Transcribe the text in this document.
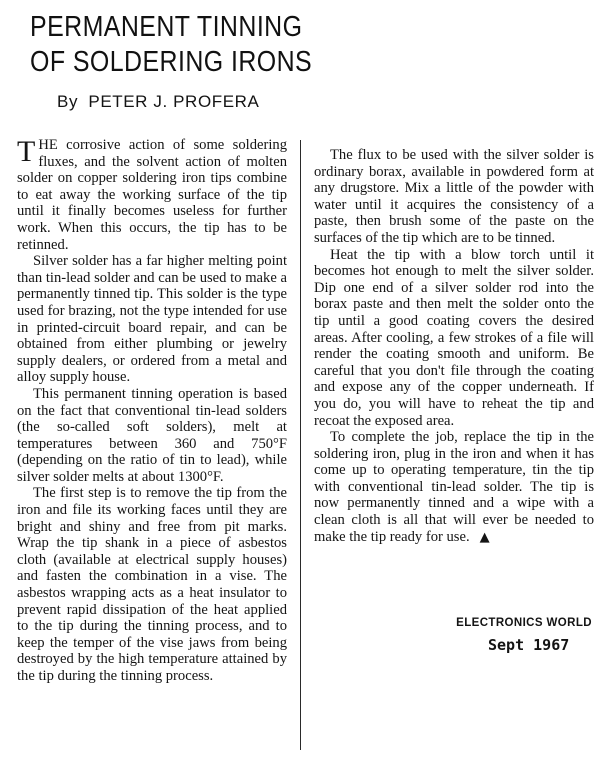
PERMANENT TINNING
OF SOLDERING IRONS
By PETER J. PROFERA

THE corrosive action of some soldering fluxes, and the solvent action of molten solder on copper soldering iron tips combine to eat away the working surface of the tip until it finally becomes useless for further work. When this occurs, the tip has to be retinned.

Silver solder has a far higher melting point than tin-lead solder and can be used to make a permanently tinned tip. This solder is the type used for brazing, not the type intended for use in printed-circuit board repair, and can be obtained from either plumbing or jewelry supply dealers, or ordered from a metal and alloy supply house.

This permanent tinning operation is based on the fact that conventional tin-lead solders (the so-called soft solders), melt at temperatures between 360 and 750°F (depending on the ratio of tin to lead), while silver solder melts at about 1300°F.

The first step is to remove the tip from the iron and file its working faces until they are bright and shiny and free from pit marks. Wrap the tip shank in a piece of asbestos cloth (available at electrical supply houses) and fasten the combination in a vise. The asbestos wrapping acts as a heat insulator to prevent rapid dissipation of the heat applied to the tip during the tinning process, and to keep the temper of the vise jaws from being destroyed by the high temperature attained by the tip during the tinning process.

The flux to be used with the silver solder is ordinary borax, available in powdered form at any drugstore. Mix a little of the powder with water until it acquires the consistency of a paste, then brush some of the paste on the surfaces of the tip which are to be tinned.

Heat the tip with a blow torch until it becomes hot enough to melt the silver solder. Dip one end of a silver solder rod into the borax paste and then melt the solder onto the tip until a good coating covers the desired areas. After cooling, a few strokes of a file will render the coating smooth and uniform. Be careful that you don't file through the coating and expose any of the copper underneath. If you do, you will have to reheat the tip and recoat the exposed area.

To complete the job, replace the tip in the soldering iron, plug in the iron and when it has come up to operating temperature, tin the tip with conventional tin-lead solder. The tip is now permanently tinned and a wipe with a clean cloth is all that will ever be needed to make the tip ready for use. ▲

ELECTRONICS WORLD
Sept 1967
